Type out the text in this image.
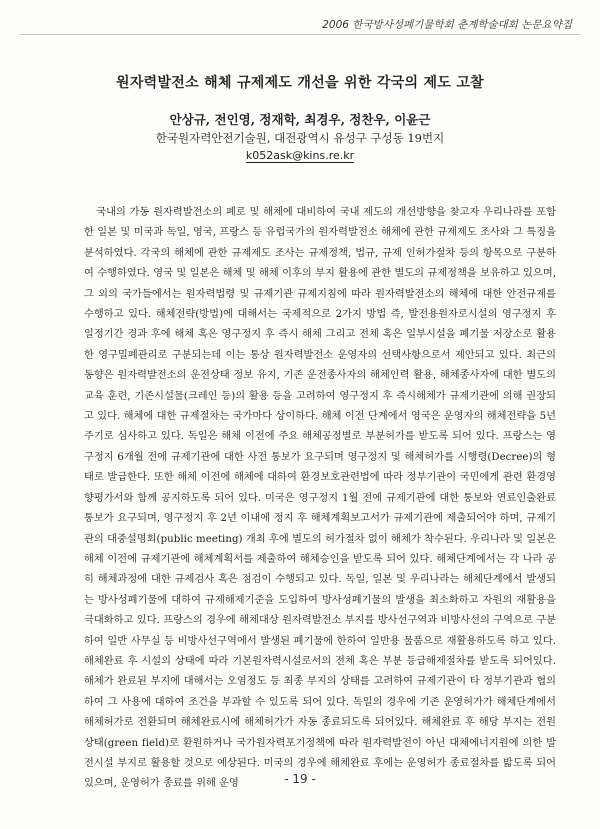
2006 한국방사성폐기물학회 춘계학술대회 논문요약집
원자력발전소 해체 규제제도 개선을 위한 각국의 제도 고찰
안상규, 전인영, 정재학, 최경우, 정찬우, 이윤근
한국원자력안전기술원, 대전광역시 유성구 구성동 19번지
k052ask@kins.re.kr

국내의 가동 원자력발전소의 폐로 및 해체에 대비하여 국내 제도의 개선방향을 찾고자 우리나라를 포함한 일본 및 미국과 독일, 영국, 프랑스 등 유럽국가의 원자력발전소 해체에 관한 규제제도 조사와 그 특징을 분석하였다. 각국의 해체에 관한 규제제도 조사는 규제정책, 법규, 규제 인허가절차 등의 항목으로 구분하여 수행하였다. 영국 및 일본은 해체 및 해체 이후의 부지 활용에 관한 별도의 규제정책을 보유하고 있으며, 그 외의 국가들에서는 원자력법령 및 규제기관 규제지침에 따라 원자력발전소의 해체에 대한 안전규제를 수행하고 있다. 해체전략(방법)에 대해서는 국제적으로 2가지 방법 즉, 발전용원자로시설의 영구정지 후 일정기간 경과 후에 해체 혹은 영구정지 후 즉시 해체 그리고 전체 혹은 일부시설을 폐기물 저장소로 활용한 영구밀폐관리로 구분되는데 이는 통상 원자력발전소 운영자의 선택사항으로서 제안되고 있다. 최근의 동향은 원자력발전소의 운전상태 정보 유지, 기존 운전종사자의 해체인력 활용, 해체종사자에 대한 별도의 교육 훈련, 기존시설물(크레인 등)의 활용 등을 고려하여 영구정지 후 즉시해체가 규제기관에 의해 권장되고 있다. 해체에 대한 규제절차는 국가마다 상이하다. 해체 이전 단계에서 영국은 운영자의 해체전략을 5년 주기로 심사하고 있다. 독일은 해체 이전에 주요 해체공정별로 부분허가를 받도록 되어 있다. 프랑스는 영구정지 6개월 전에 규제기관에 대한 사전 통보가 요구되며 영구정지 및 해체허가를 시행령(Decree)의 형태로 발급한다. 또한 해체 이전에 해체에 대하여 환경보호관련법에 따라 정부기관이 국민에게 관련 환경영향평가서와 함께 공지하도록 되어 있다. 미국은 영구정지 1월 전에 규제기관에 대한 통보와 연료인출완료 통보가 요구되며, 영구정지 후 2년 이내에 정지 후 해체계획보고서가 규제기관에 제출되어야 하며, 규제기관의 대중설명회(public meeting) 개최 후에 별도의 허가절차 없이 해체가 착수된다. 우리나라 및 일본은 해체 이전에 규제기관에 해체계획서를 제출하여 해체승인을 받도록 되어 있다. 해체단계에서는 각 나라 공히 해체과정에 대한 규제검사 혹은 점검이 수행되고 있다. 독일, 일본 및 우리나라는 해체단계에서 발생되는 방사성폐기물에 대하여 규제해제기준을 도입하여 방사성폐기물의 발생을 최소화하고 자원의 재활용을 극대화하고 있다. 프랑스의 경우에 해체대상 원자력발전소 부지를 방사선구역과 비방사선의 구역으로 구분하여 일반 사무실 등 비방사선구역에서 발생된 폐기물에 한하여 일반용 물품으로 재활용하도록 하고 있다. 해체완료 후 시설의 상태에 따라 기본원자력시설로서의 전체 혹은 부분 등급해제절차를 받도록 되어있다. 해체가 완료된 부지에 대해서는 오염정도 등 최종 부지의 상태를 고려하여 규제기관이 타 정부기관과 협의하여 그 사용에 대하여 조건을 부과할 수 있도록 되어 있다. 독일의 경우에 기존 운영허가가 해체단계에서 해체허가로 전환되며 해체완료시에 해체허가가 자동 종료되도록 되어있다. 해체완료 후 해당 부지는 전원상태(green field)로 환원하거나 국가원자력포기정책에 따라 원자력발전이 아닌 대체에너지원에 의한 발전시설 부지로 활용할 것으로 예상된다. 미국의 경우에 해체완료 후에는 운영허가 종료절차를 밟도록 되어 있으며, 운영허가 종료를 위해 운영	- 19 -
